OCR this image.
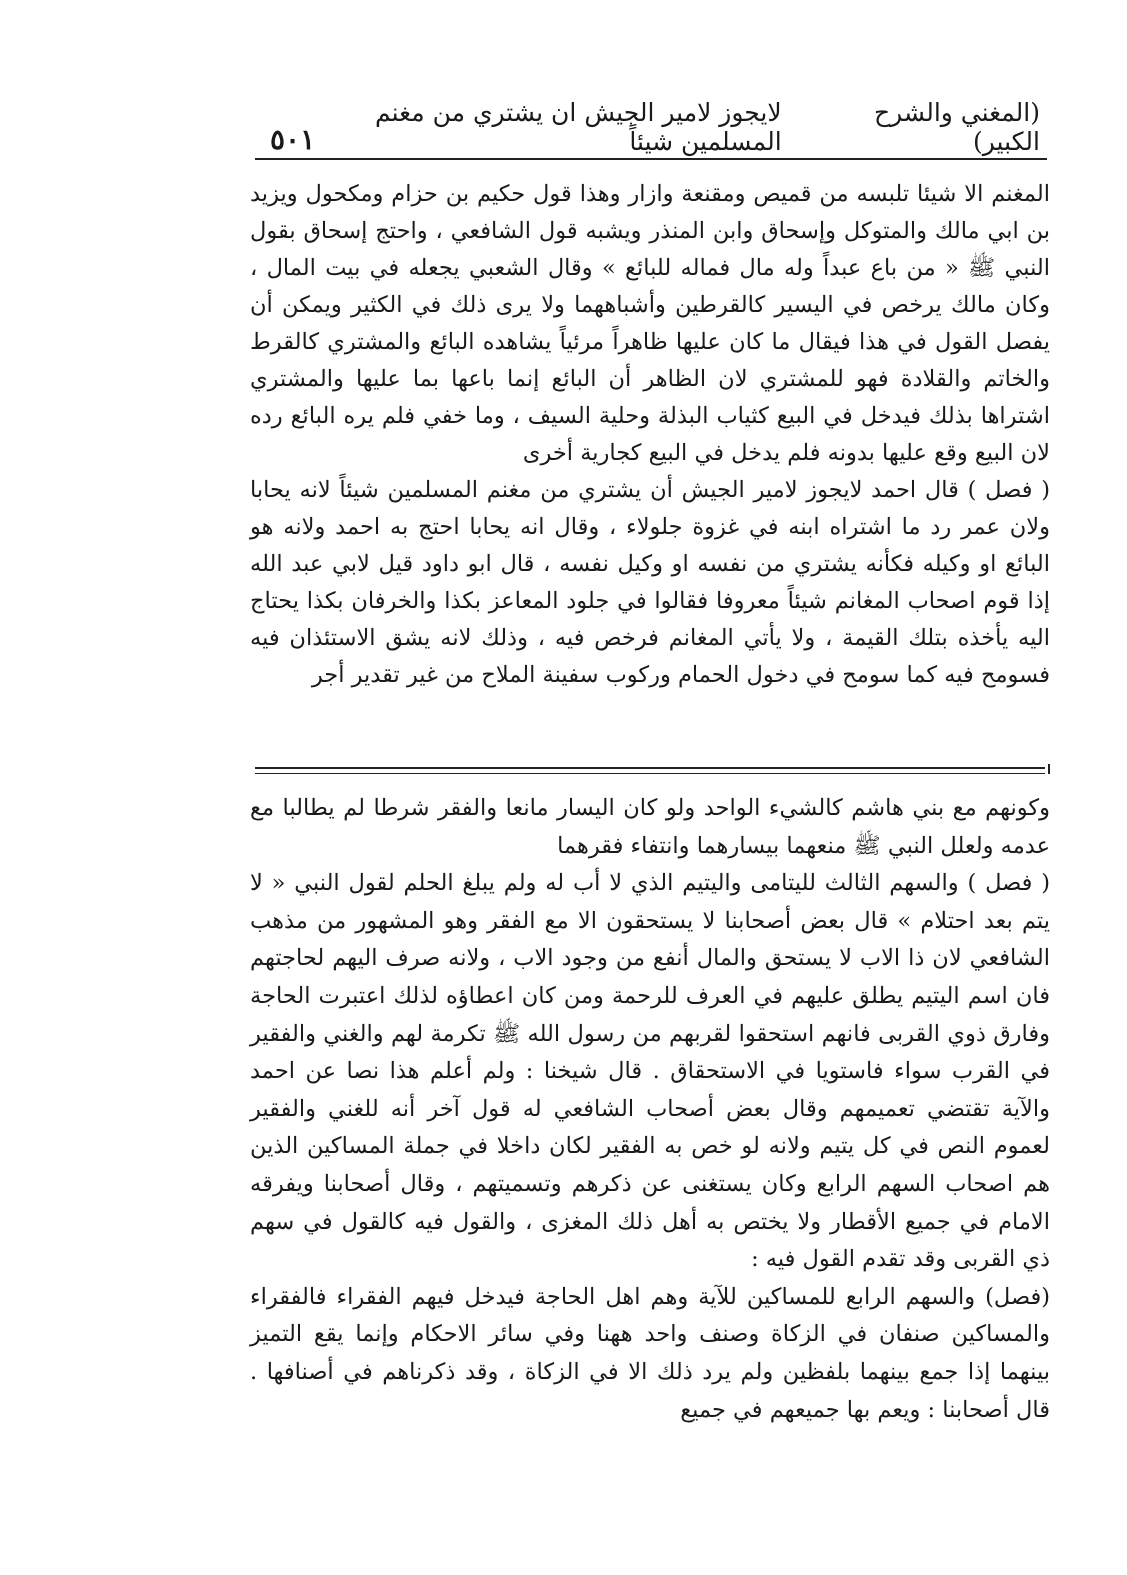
(المغني والشرح الكبير)
لايجوز لامير الجيش ان يشتري من مغنم المسلمين شيئاً
٥٠١

المغنم الا شيئا تلبسه من قميص ومقنعة وازار وهذا قول حكيم بن حزام ومكحول ويزيد بن ابي مالك والمتوكل وإسحاق وابن المنذر ويشبه قول الشافعي ، واحتج إسحاق بقول النبي ﷺ « من باع عبداً وله مال فماله للبائع » وقال الشعبي يجعله في بيت المال ، وكان مالك يرخص في اليسير كالقرطين وأشباههما ولا يرى ذلك في الكثير ويمكن أن يفصل القول في هذا فيقال ما كان عليها ظاهراً مرئياً يشاهده البائع والمشتري كالقرط والخاتم والقلادة فهو للمشتري لان الظاهر أن البائع إنما باعها بما عليها والمشتري اشتراها بذلك فيدخل في البيع كثياب البذلة وحلية السيف ، وما خفي فلم يره البائع رده لان البيع وقع عليها بدونه فلم يدخل في البيع كجارية أخرى

( فصل ) قال احمد لايجوز لامير الجيش أن يشتري من مغنم المسلمين شيئاً لانه يحابا ولان عمر رد ما اشتراه ابنه في غزوة جلولاء ، وقال انه يحابا احتج به احمد ولانه هو البائع او وكيله فكأنه يشتري من نفسه او وكيل نفسه ، قال ابو داود قيل لابي عبد الله إذا قوم اصحاب المغانم شيئاً معروفا فقالوا في جلود المعاعز بكذا والخرفان بكذا يحتاج اليه يأخذه بتلك القيمة ، ولا يأتي المغانم فرخص فيه ، وذلك لانه يشق الاستئذان فيه فسومح فيه كما سومح في دخول الحمام وركوب سفينة الملاح من غير تقدير أجر

وكونهم مع بني هاشم كالشيء الواحد ولو كان اليسار مانعا والفقر شرطا لم يطالبا مع عدمه ولعلل النبي ﷺ منعهما بيسارهما وانتفاء فقرهما

( فصل ) والسهم الثالث لليتامى واليتيم الذي لا أب له ولم يبلغ الحلم لقول النبي « لا يتم بعد احتلام » قال بعض أصحابنا لا يستحقون الا مع الفقر وهو المشهور من مذهب الشافعي لان ذا الاب لا يستحق والمال أنفع من وجود الاب ، ولانه صرف اليهم لحاجتهم فان اسم اليتيم يطلق عليهم في العرف للرحمة ومن كان اعطاؤه لذلك اعتبرت الحاجة وفارق ذوي القربى فانهم استحقوا لقربهم من رسول الله ﷺ تكرمة لهم والغني والفقير في القرب سواء فاستويا في الاستحقاق . قال شيخنا : ولم أعلم هذا نصا عن احمد والآية تقتضي تعميمهم وقال بعض أصحاب الشافعي له قول آخر أنه للغني والفقير لعموم النص في كل يتيم ولانه لو خص به الفقير لكان داخلا في جملة المساكين الذين هم اصحاب السهم الرابع وكان يستغنى عن ذكرهم وتسميتهم ، وقال أصحابنا ويفرقه الامام في جميع الأقطار ولا يختص به أهل ذلك المغزى ، والقول فيه كالقول في سهم ذي القربى وقد تقدم القول فيه :

(فصل) والسهم الرابع للمساكين للآية وهم اهل الحاجة فيدخل فيهم الفقراء فالفقراء والمساكين صنفان في الزكاة وصنف واحد ههنا وفي سائر الاحكام وإنما يقع التميز بينهما إذا جمع بينهما بلفظين ولم يرد ذلك الا في الزكاة ، وقد ذكرناهم في أصنافها . قال أصحابنا : ويعم بها جميعهم في جميع
